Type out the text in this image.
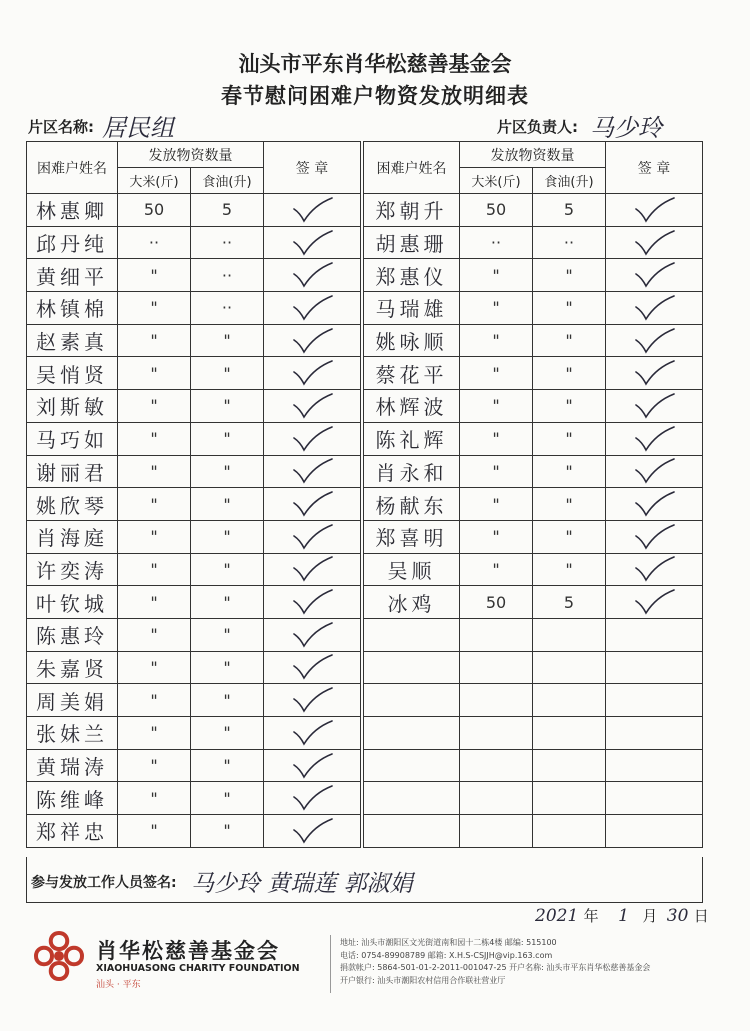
汕头市平东肖华松慈善基金会
春节慰问困难户物资发放明细表
片区名称: 居民组	片区负责人: 马少玲
困难户姓名	发放物资数量		签 章
	大米(斤)	食油(升)	
林惠卿	50	5	

邱丹纯	··	··	

黄细平	"	··	

林镇棉	"	··	

赵素真	"	"	

吴悄贤	"	"	

刘斯敏	"	"	

马巧如	"	"	

谢丽君	"	"	

姚欣琴	"	"	

肖海庭	"	"	

许奕涛	"	"	

叶钦城	"	"	

陈惠玲	"	"	

朱嘉贤	"	"	

周美娟	"	"	

张妹兰	"	"	

黄瑞涛	"	"	

陈维峰	"	"	

郑祥忠	"	"	
困难户姓名	发放物资数量		签 章
	大米(斤)	食油(升)	
郑朝升	50	5	

胡惠珊	··	··	

郑惠仪	"	"	

马瑞雄	"	"	

姚咏顺	"	"	

蔡花平	"	"	

林辉波	"	"	

陈礼辉	"	"	

肖永和	"	"	

杨献东	"	"	

郑喜明	"	"	

吴顺	"	"	

冰鸡	50	5	

参与发放工作人员签名: 马少玲 黄瑞莲 郭淑娟
2021 年 1 月 30 日
肖华松慈善基金会
XIAOHUASONG CHARITY FOUNDATION
汕头 · 平东
地址: 汕头市潮阳区文光街道南和园十二栋4楼 邮编: 515100
电话: 0754-89908789 邮箱: X.H.S-CSJJH@vip.163.com
捐款帐户: 5864-501-01-2-2011-001047-25 开户名称: 汕头市平东肖华松慈善基金会
开户银行: 汕头市潮阳农村信用合作联社营业厅
